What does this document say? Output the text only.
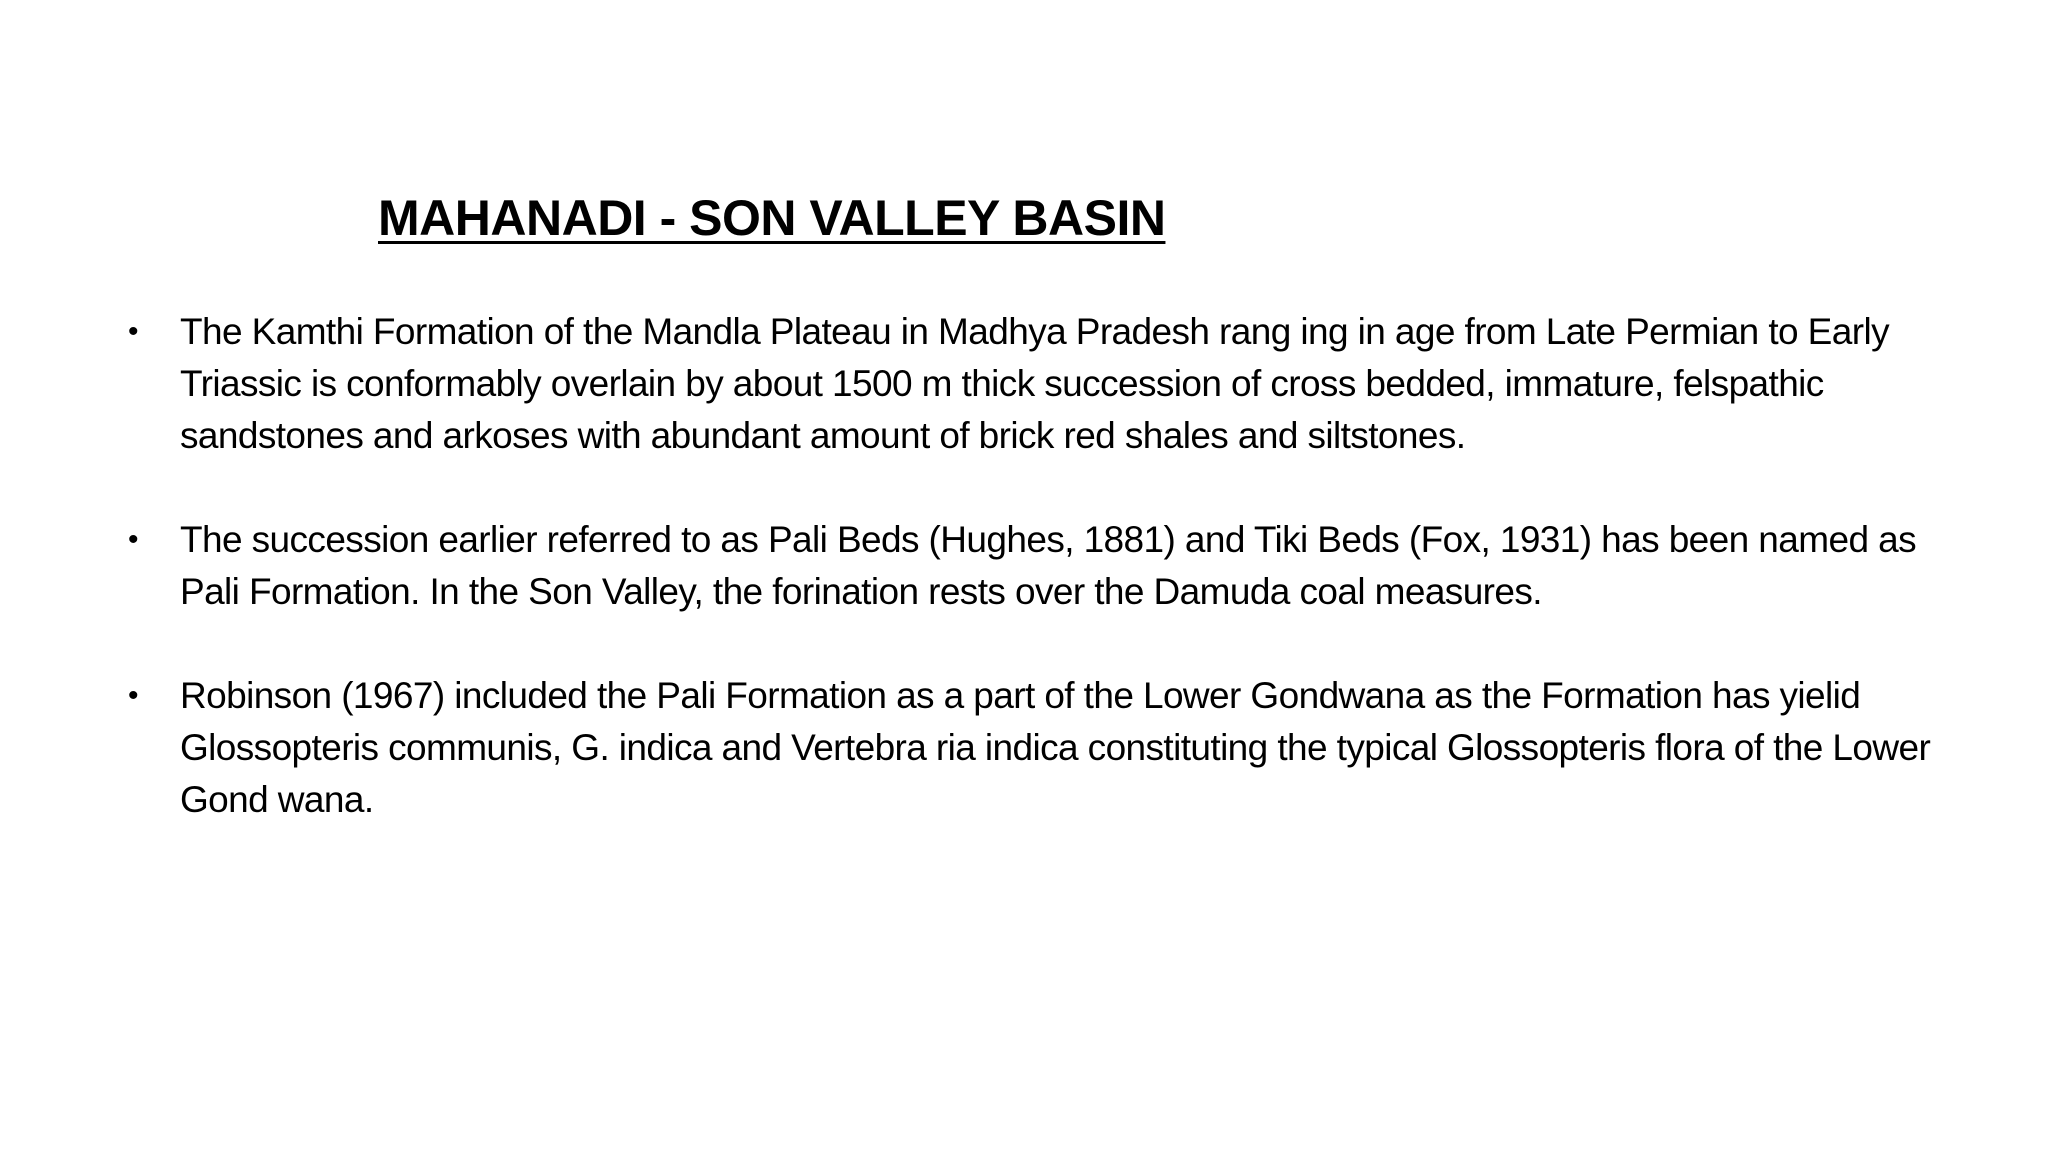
MAHANADI - SON VALLEY BASIN
•	The Kamthi Formation of the Mandla Plateau in Madhya Pradesh rang ing in age from Late Permian to Early Triassic is conformably overlain by about 1500 m thick succession of cross bedded, immature, felspathic sandstones and arkoses with abundant amount of brick red shales and siltstones.
•	The succession earlier referred to as Pali Beds (Hughes, 1881) and Tiki Beds (Fox, 1931) has been named as Pali Formation. In the Son Valley, the forination rests over the Damuda coal measures.
•	Robinson (1967) included the Pali Formation as a part of the Lower Gondwana as the Formation has yielid Glossopteris communis, G. indica and Vertebra ria indica constituting the typical Glossopteris flora of the Lower Gond wana.
